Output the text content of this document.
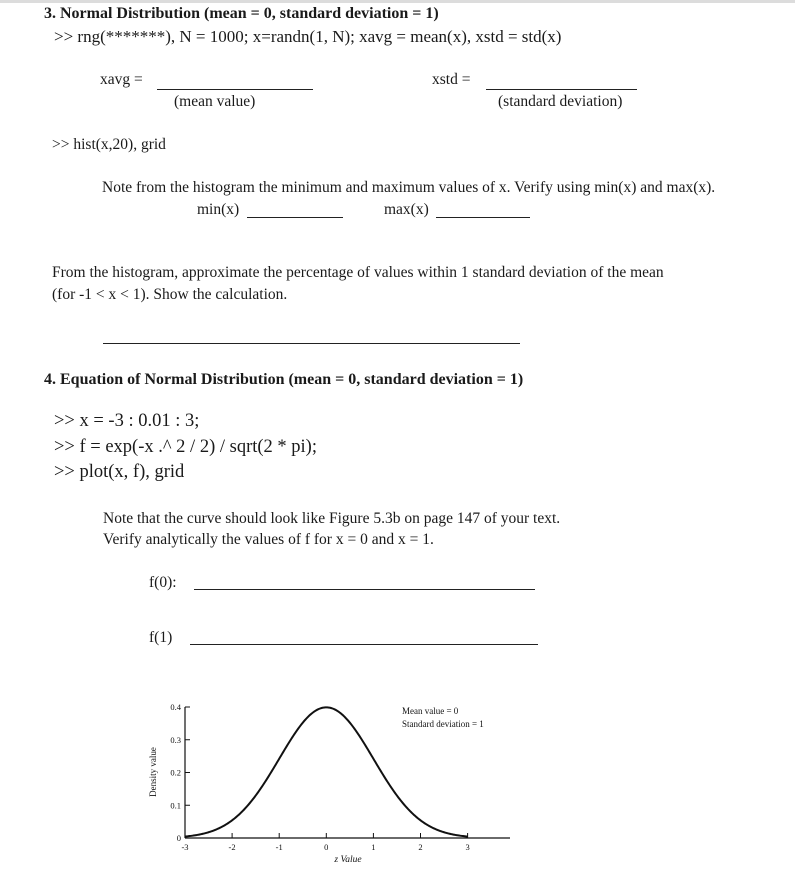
3. Normal Distribution (mean = 0, standard deviation = 1)
>> rng(*******), N = 1000; x=randn(1, N); xavg = mean(x), xstd = std(x)
xavg =
(mean value)
xstd =
(standard deviation)
>> hist(x,20), grid
Note from the histogram the minimum and maximum values of x. Verify using min(x) and max(x).
min(x)	max(x)
From the histogram, approximate the percentage of values within 1 standard deviation of the mean
(for -1 < x < 1). Show the calculation.
4. Equation of Normal Distribution (mean = 0, standard deviation = 1)
>> x = -3 : 0.01 : 3;
>> f = exp(-x .^ 2 / 2) / sqrt(2 * pi);
>> plot(x, f), grid
Note that the curve should look like Figure 5.3b on page 147 of your text.
Verify analytically the values of f for x = 0 and x = 1.
f(0):
f(1)
0
0.1
0.2
0.3
0.4
-3	-2	-1	0	1	2	3
Density value
z Value
Mean value = 0
Standard deviation = 1
